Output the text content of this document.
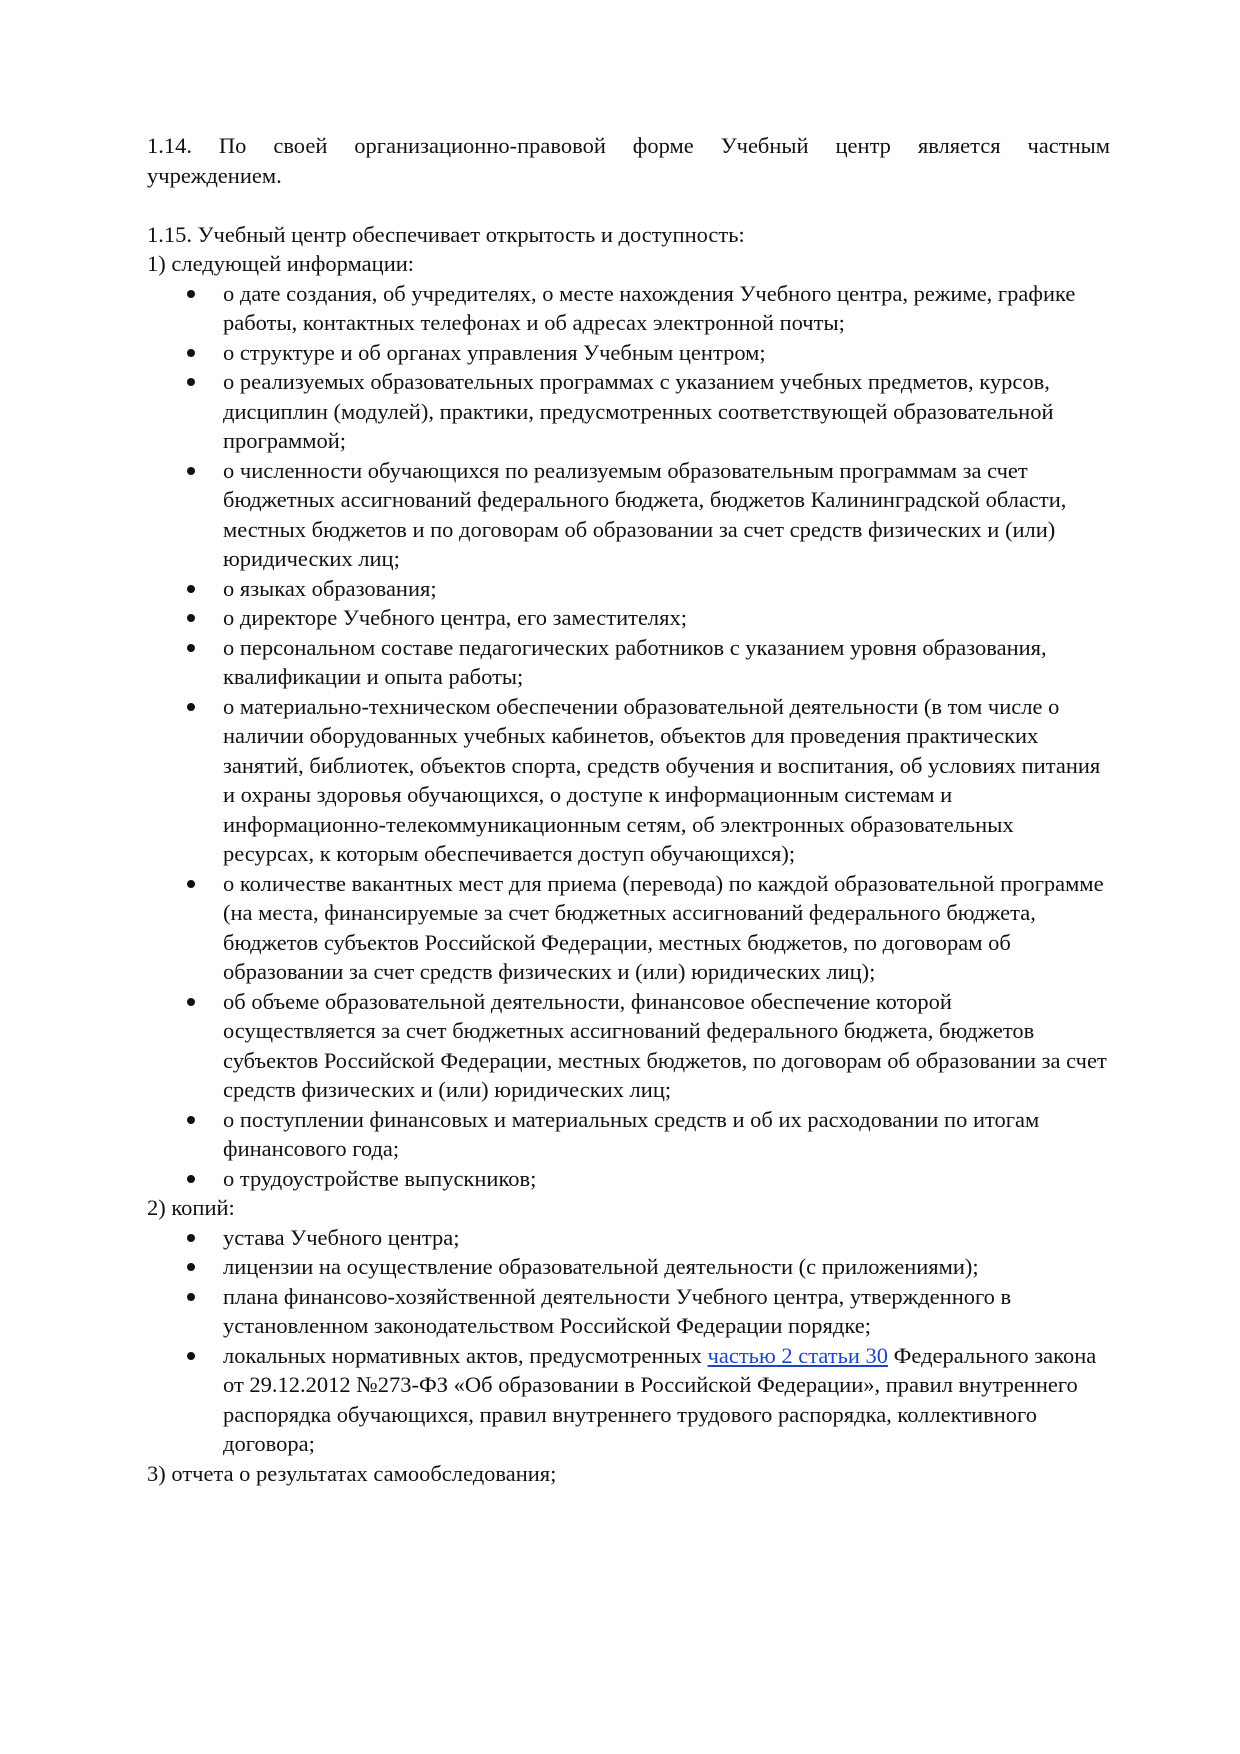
1.14. По своей организационно-правовой форме Учебный центр является частным учреждением.

1.15. Учебный центр обеспечивает открытость и доступность:

1) следующей информации:

о дате создания, об учредителях, о месте нахождения Учебного центра, режиме, графике работы, контактных телефонах и об адресах электронной почты;
о структуре и об органах управления Учебным центром;
о реализуемых образовательных программах с указанием учебных предметов, курсов, дисциплин (модулей), практики, предусмотренных соответствующей образовательной программой;
о численности обучающихся по реализуемым образовательным программам за счет бюджетных ассигнований федерального бюджета, бюджетов Калининградской области, местных бюджетов и по договорам об образовании за счет средств физических и (или) юридических лиц;
о языках образования;
о директоре Учебного центра, его заместителях;
о персональном составе педагогических работников с указанием уровня образования, квалификации и опыта работы;
о материально-техническом обеспечении образовательной деятельности (в том числе о наличии оборудованных учебных кабинетов, объектов для проведения практических занятий, библиотек, объектов спорта, средств обучения и воспитания, об условиях питания и охраны здоровья обучающихся, о доступе к информационным системам и информационно-телекоммуникационным сетям, об электронных образовательных ресурсах, к которым обеспечивается доступ обучающихся);
о количестве вакантных мест для приема (перевода) по каждой образовательной программе (на места, финансируемые за счет бюджетных ассигнований федерального бюджета, бюджетов субъектов Российской Федерации, местных бюджетов, по договорам об образовании за счет средств физических и (или) юридических лиц);
об объеме образовательной деятельности, финансовое обеспечение которой осуществляется за счет бюджетных ассигнований федерального бюджета, бюджетов субъектов Российской Федерации, местных бюджетов, по договорам об образовании за счет средств физических и (или) юридических лиц;
о поступлении финансовых и материальных средств и об их расходовании по итогам финансового года;
о трудоустройстве выпускников;

2) копий:

устава Учебного центра;
лицензии на осуществление образовательной деятельности (с приложениями);
плана финансово-хозяйственной деятельности Учебного центра, утвержденного в установленном законодательством Российской Федерации порядке;
локальных нормативных актов, предусмотренных частью 2 статьи 30 Федерального закона от 29.12.2012 №273-ФЗ «Об образовании в Российской Федерации», правил внутреннего распорядка обучающихся, правил внутреннего трудового распорядка, коллективного договора;

3) отчета о результатах самообследования;
